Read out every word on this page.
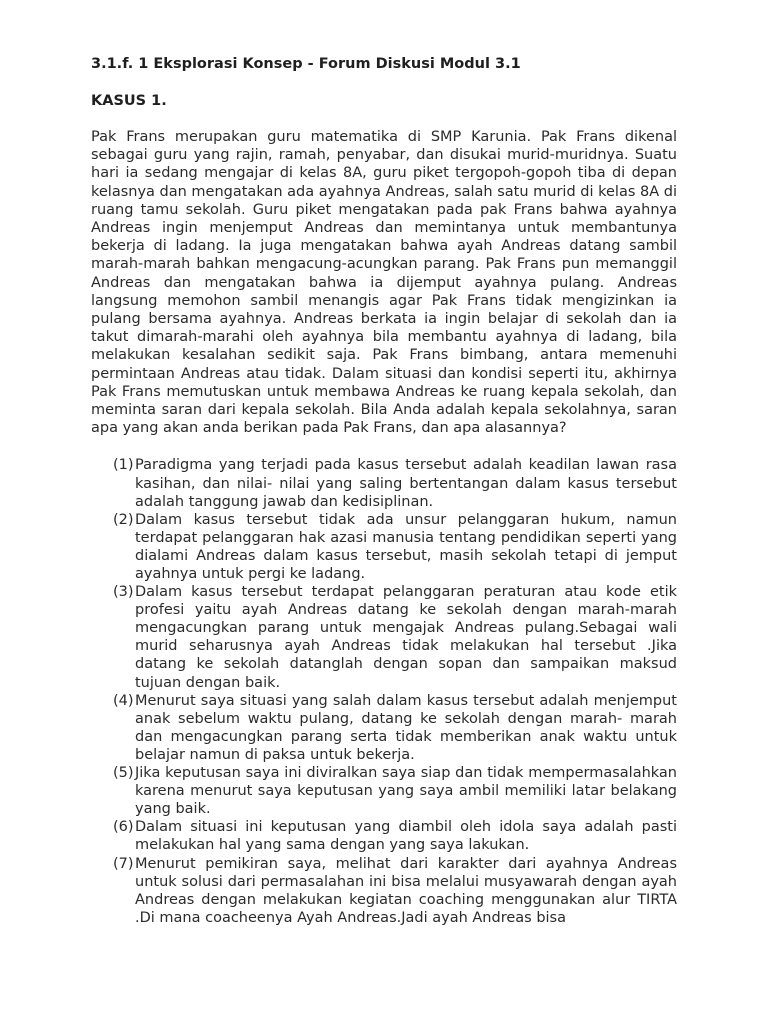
3.1.f. 1 Eksplorasi Konsep - Forum Diskusi Modul 3.1
KASUS 1.
Pak Frans merupakan guru matematika di SMP Karunia. Pak Frans dikenal sebagai guru yang rajin, ramah, penyabar, dan disukai murid-muridnya. Suatu hari ia sedang mengajar di kelas 8A, guru piket tergopoh-gopoh tiba di depan kelasnya dan mengatakan ada ayahnya Andreas, salah satu murid di kelas 8A di ruang tamu sekolah. Guru piket mengatakan pada pak Frans bahwa ayahnya Andreas ingin menjemput Andreas dan memintanya untuk membantunya bekerja di ladang. Ia juga mengatakan bahwa ayah Andreas datang sambil marah-marah bahkan mengacung-acungkan parang. Pak Frans pun memanggil Andreas dan mengatakan bahwa ia dijemput ayahnya pulang. Andreas langsung memohon sambil menangis agar Pak Frans tidak mengizinkan ia pulang bersama ayahnya. Andreas berkata ia ingin belajar di sekolah dan ia takut dimarah-marahi oleh ayahnya bila membantu ayahnya di ladang, bila melakukan kesalahan sedikit saja. Pak Frans bimbang, antara memenuhi permintaan Andreas atau tidak. Dalam situasi dan kondisi seperti itu, akhirnya Pak Frans memutuskan untuk membawa Andreas ke ruang kepala sekolah, dan meminta saran dari kepala sekolah. Bila Anda adalah kepala sekolahnya, saran apa yang akan anda berikan pada Pak Frans, dan apa alasannya?
(1) Paradigma yang terjadi pada kasus tersebut adalah keadilan lawan rasa kasihan, dan nilai- nilai yang saling bertentangan dalam kasus tersebut adalah tanggung jawab dan kedisiplinan.
(2) Dalam kasus tersebut tidak ada unsur pelanggaran hukum, namun terdapat pelanggaran hak azasi manusia tentang pendidikan seperti yang dialami Andreas dalam kasus tersebut, masih sekolah tetapi di jemput ayahnya untuk pergi ke ladang.
(3) Dalam kasus tersebut terdapat pelanggaran peraturan atau kode etik profesi yaitu ayah Andreas datang ke sekolah dengan marah-marah mengacungkan parang untuk mengajak Andreas pulang.Sebagai wali murid seharusnya ayah Andreas tidak melakukan hal tersebut .Jika datang ke sekolah datanglah dengan sopan dan sampaikan maksud tujuan dengan baik.
(4) Menurut saya situasi yang salah dalam kasus tersebut adalah menjemput anak sebelum waktu pulang, datang ke sekolah dengan marah- marah dan mengacungkan parang serta tidak memberikan anak waktu untuk belajar namun di paksa untuk bekerja.
(5) Jika keputusan saya ini diviralkan saya siap dan tidak mempermasalahkan karena menurut saya keputusan yang saya ambil memiliki latar belakang yang baik.
(6) Dalam situasi ini keputusan yang diambil oleh idola saya adalah pasti melakukan hal yang sama dengan yang saya lakukan.
(7) Menurut pemikiran saya, melihat dari karakter dari ayahnya Andreas untuk solusi dari permasalahan ini bisa melalui musyawarah dengan ayah Andreas dengan melakukan kegiatan coaching menggunakan alur TIRTA .Di mana coacheenya Ayah Andreas.Jadi ayah Andreas bisa
